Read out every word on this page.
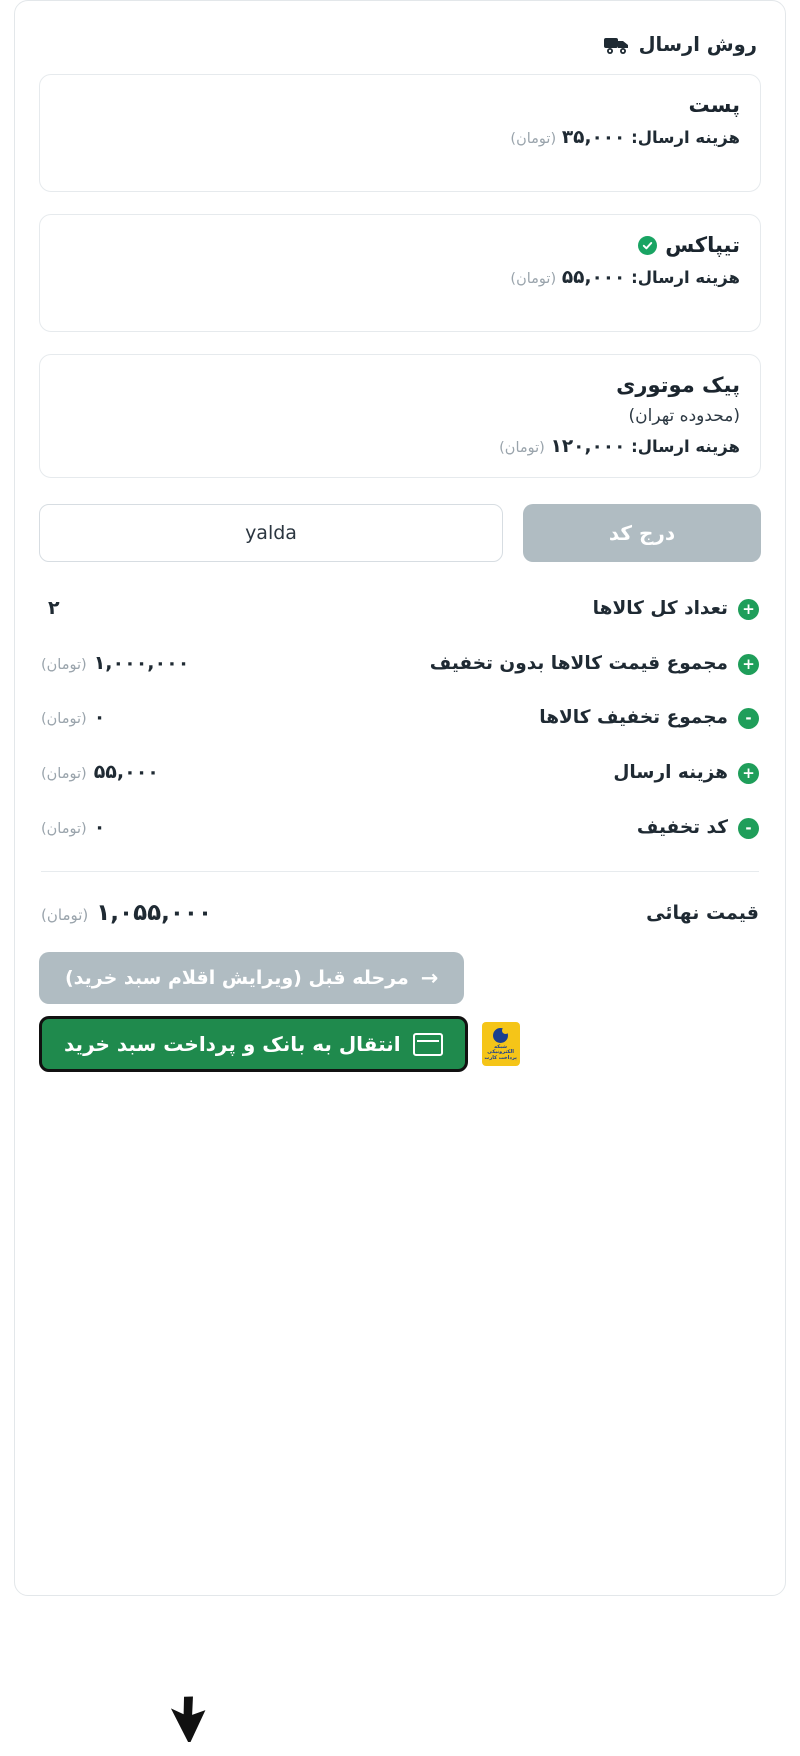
روش ارسال
پست
هزینه ارسال: ۳۵,۰۰۰ (تومان)
تیپاکس
هزینه ارسال: ۵۵,۰۰۰ (تومان)
پیک موتوری
(محدوده تهران)
هزینه ارسال: ۱۲۰,۰۰۰ (تومان)
yalda
درج کد
+
تعداد کل کالاها
۲
+
مجموع قیمت کالاها بدون تخفیف
۱,۰۰۰,۰۰۰(تومان)
-
مجموع تخفیف کالاها
۰(تومان)
+
هزینه ارسال
۵۵,۰۰۰(تومان)
-
کد تخفیف
۰(تومان)
قیمت نهائی
۱,۰۵۵,۰۰۰(تومان)
→
مرحله قبل (ویرایش اقلام سبد خرید)
انتقال به بانک و پرداخت سبد خرید	شبکه الکترونیکی پرداخت کارت
